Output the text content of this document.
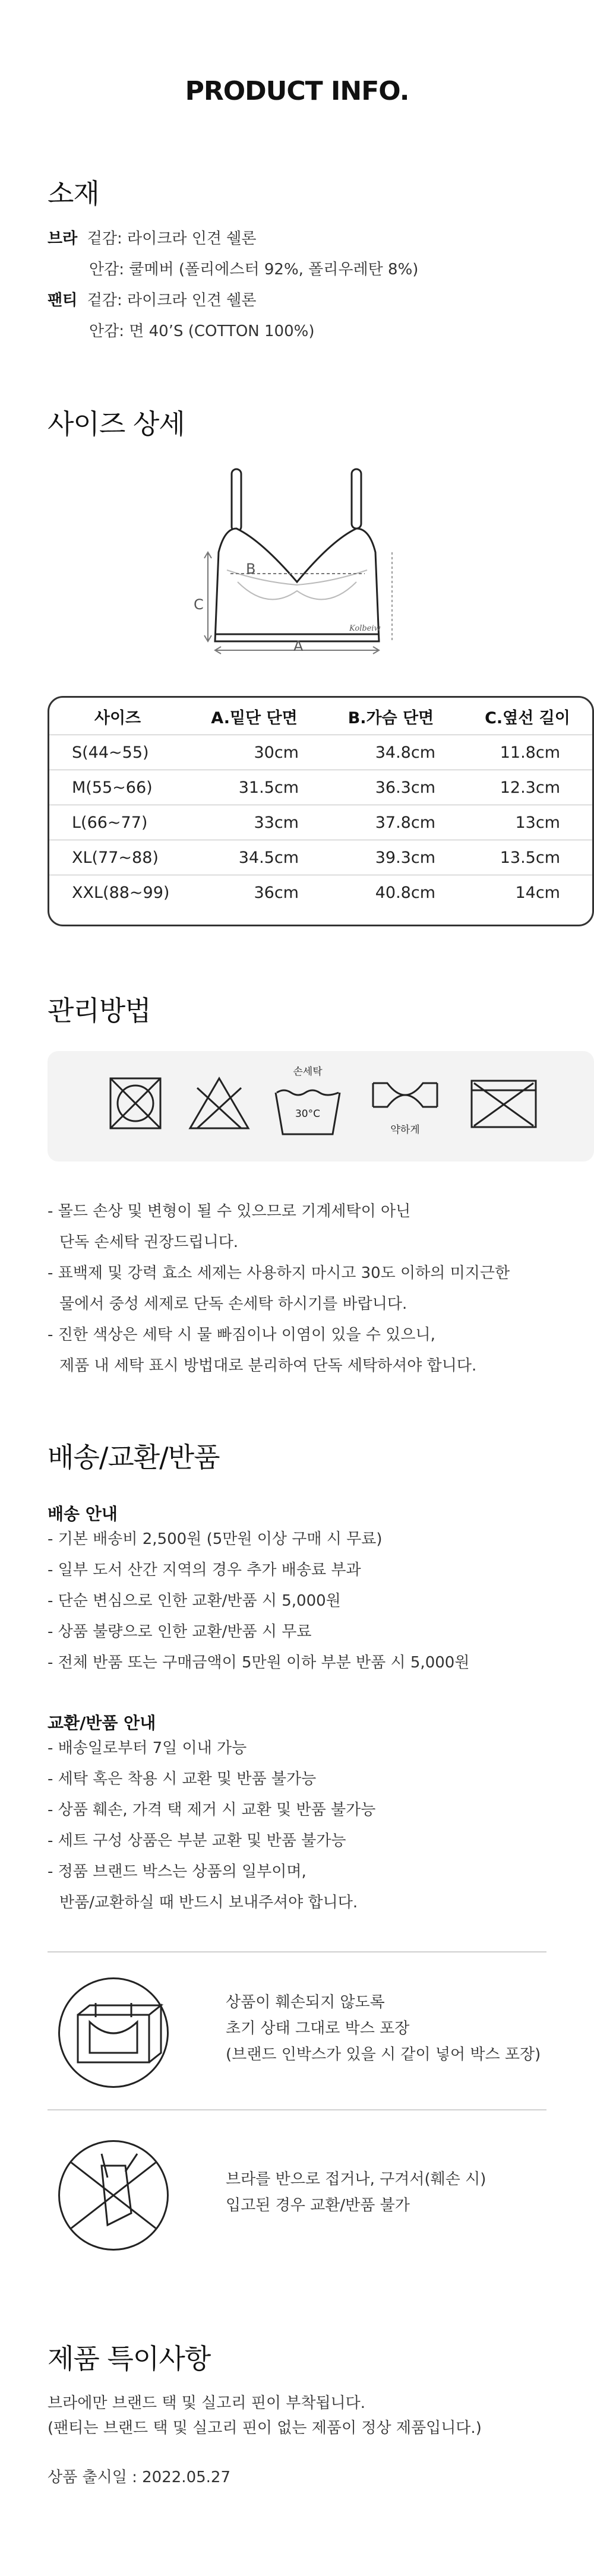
PRODUCT INFO.
소재
브라 겉감: 라이크라 인견 쉘론
안감: 쿨메버 (폴리에스터 92%, 폴리우레탄 8%)
팬티 겉감: 라이크라 인견 쉘론
안감: 면 40’S (COTTON 100%)
사이즈 상세
Kolbeiw
B
C
A
사이즈	A.밑단 단면	B.가슴 단면	C.옆선 길이
S(44~55)	30cm	34.8cm	11.8cm
M(55~66)	31.5cm	36.3cm	12.3cm
L(66~77)	33cm	37.8cm	13cm
XL(77~88)	34.5cm	39.3cm	13.5cm
XXL(88~99)	36cm	40.8cm	14cm
관리방법
손세탁
30°C
약하게
- 몰드 손상 및 변형이 될 수 있으므로 기계세탁이 아닌
단독 손세탁 권장드립니다.
- 표백제 및 강력 효소 세제는 사용하지 마시고 30도 이하의 미지근한
물에서 중성 세제로 단독 손세탁 하시기를 바랍니다.
- 진한 색상은 세탁 시 물 빠짐이나 이염이 있을 수 있으니,
제품 내 세탁 표시 방법대로 분리하여 단독 세탁하셔야 합니다.
배송/교환/반품
배송 안내
- 기본 배송비 2,500원 (5만원 이상 구매 시 무료)
- 일부 도서 산간 지역의 경우 추가 배송료 부과
- 단순 변심으로 인한 교환/반품 시 5,000원
- 상품 불량으로 인한 교환/반품 시 무료
- 전체 반품 또는 구매금액이 5만원 이하 부분 반품 시 5,000원
교환/반품 안내
- 배송일로부터 7일 이내 가능
- 세탁 혹은 착용 시 교환 및 반품 불가능
- 상품 훼손, 가격 택 제거 시 교환 및 반품 불가능
- 세트 구성 상품은 부분 교환 및 반품 불가능
- 정품 브랜드 박스는 상품의 일부이며,
반품/교환하실 때 반드시 보내주셔야 합니다.
상품이 훼손되지 않도록
초기 상태 그대로 박스 포장
(브랜드 인박스가 있을 시 같이 넣어 박스 포장)
브라를 반으로 접거나, 구겨서(훼손 시)
입고된 경우 교환/반품 불가
제품 특이사항
브라에만 브랜드 택 및 실고리 핀이 부착됩니다.
(팬티는 브랜드 택 및 실고리 핀이 없는 제품이 정상 제품입니다.)
상품 출시일 : 2022.05.27
